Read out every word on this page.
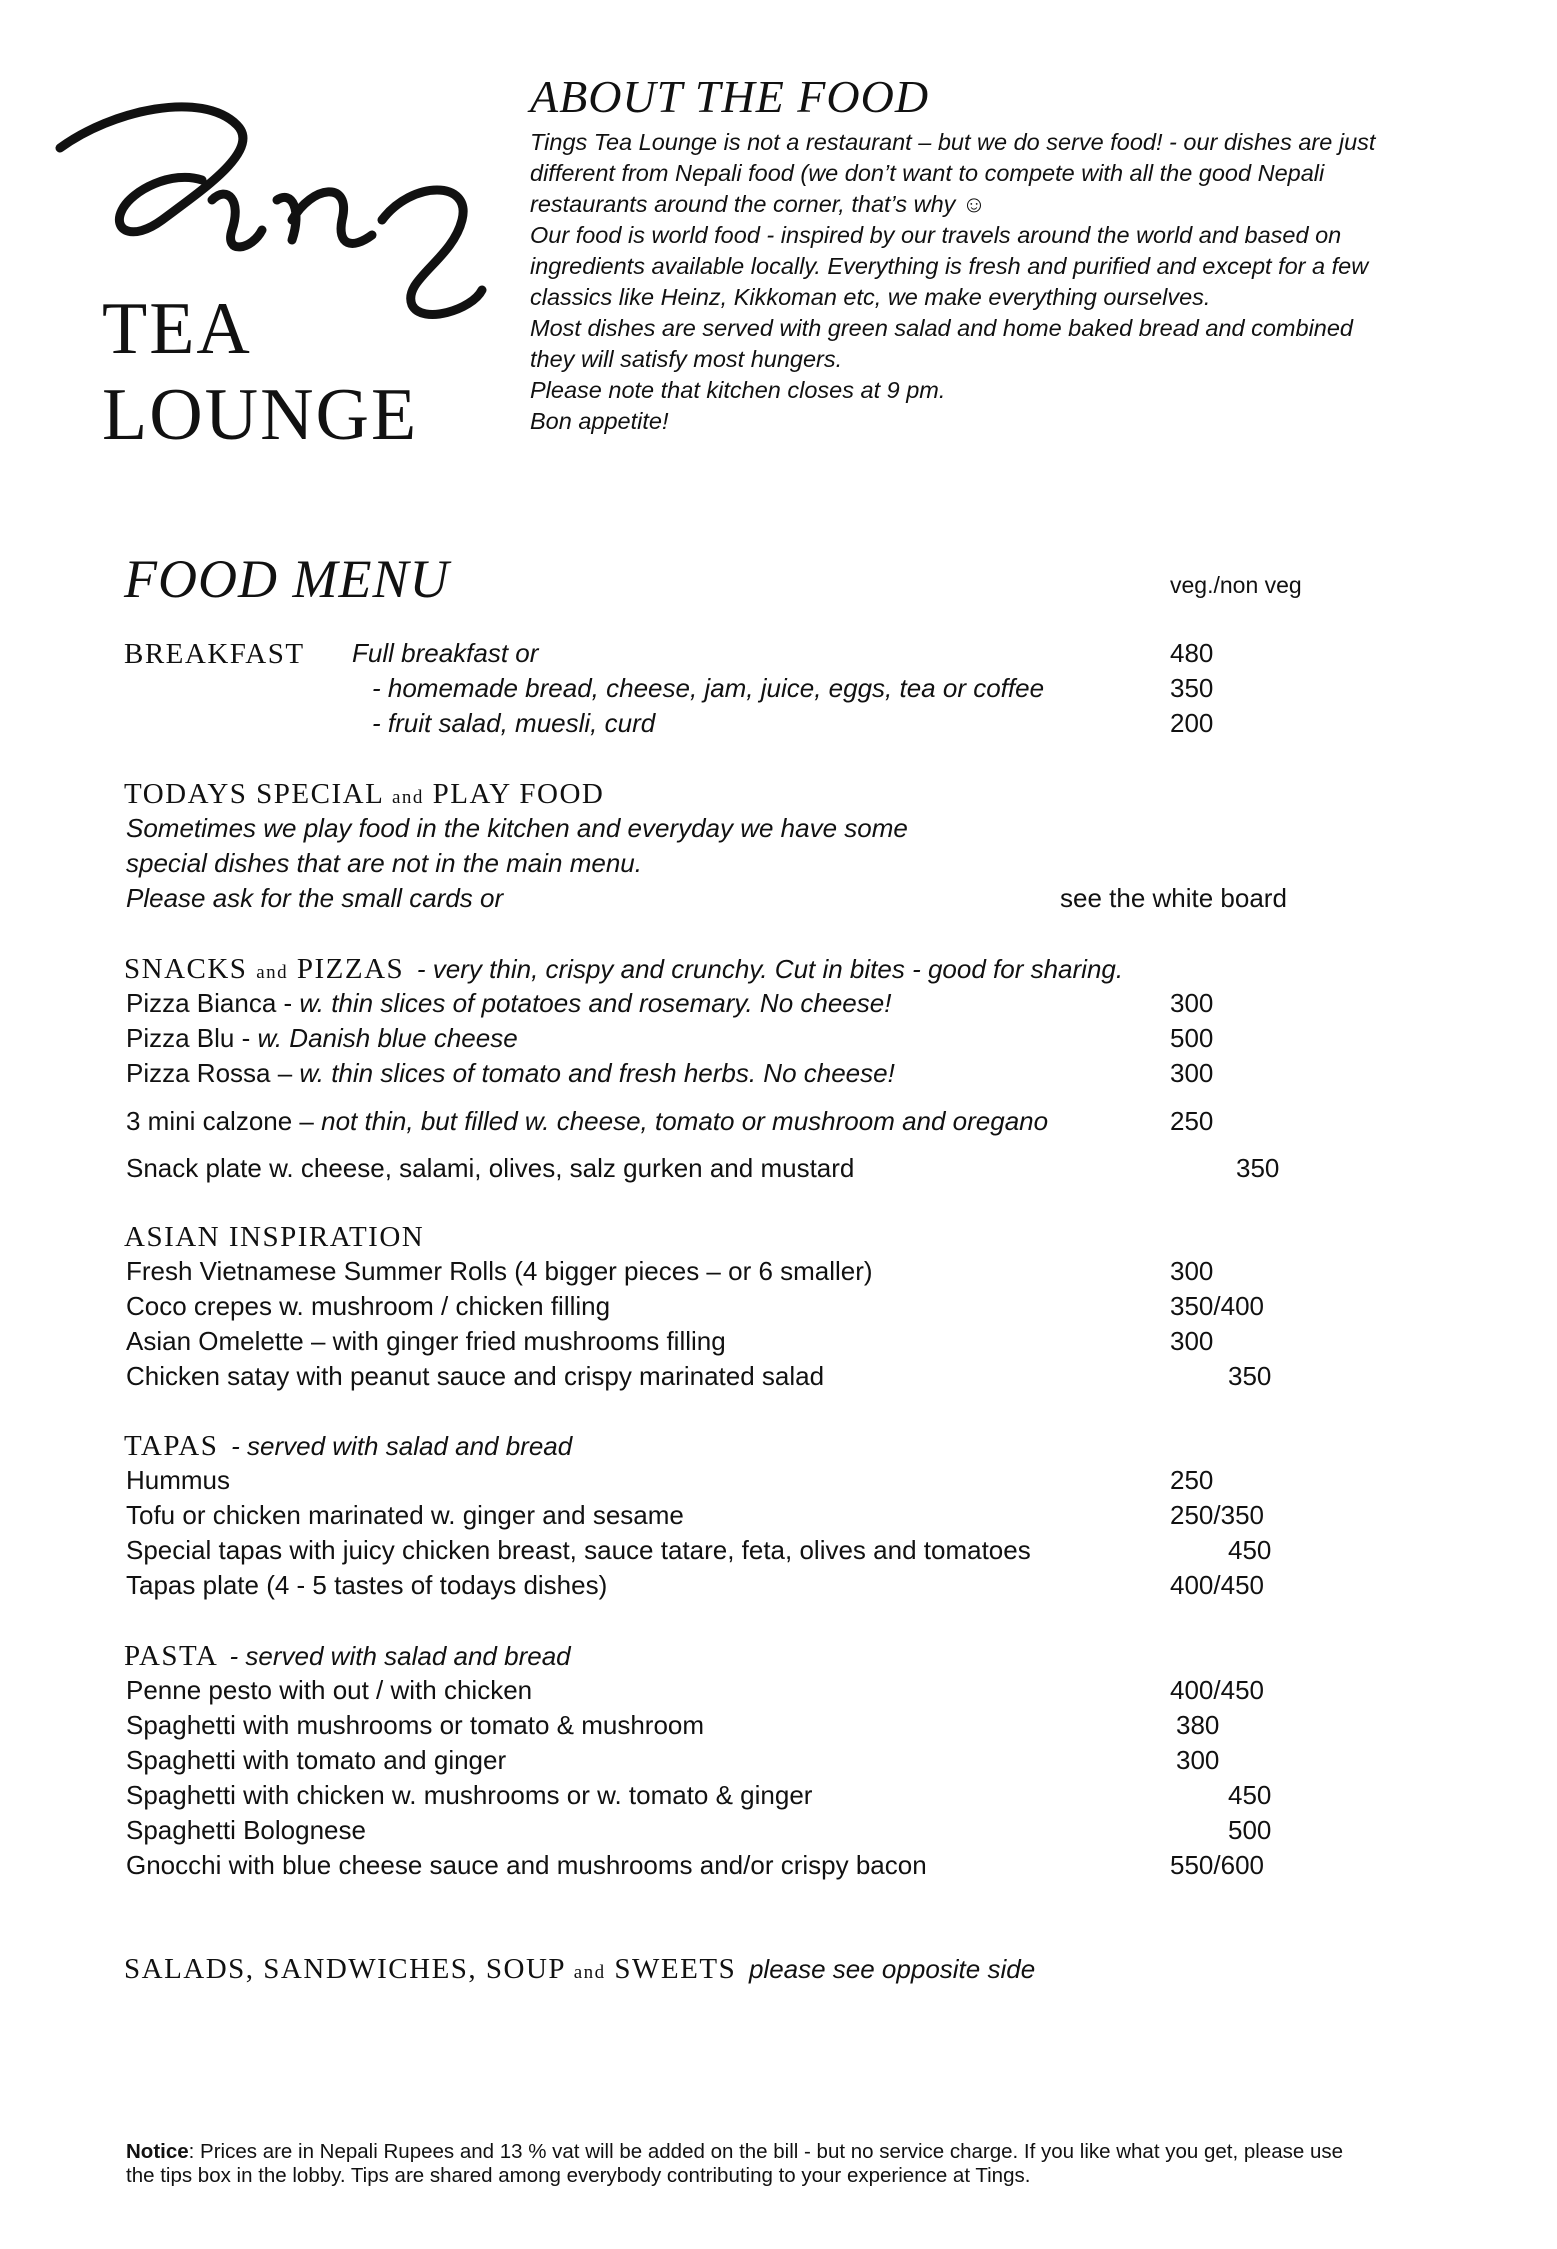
TEA
LOUNGE
ABOUT THE FOOD

Tings Tea Lounge is not a restaurant – but we do serve food! - our dishes are just

different from Nepali food (we don’t want to compete with all the good Nepali

restaurants around the corner, that’s why ☺

Our food is world food - inspired by our travels around the world and based on

ingredients available locally. Everything is fresh and purified and except for a few

classics like Heinz, Kikkoman etc, we make everything ourselves.

Most dishes are served with green salad and home baked bread and combined

they will satisfy most hungers.

Please note that kitchen closes at 9 pm.

Bon appetite!

FOOD MENU	veg./non veg
BREAKFAST Full breakfast or	480
- homemade bread, cheese, jam, juice, eggs, tea or coffee	350
- fruit salad, muesli, curd	200
TODAYS SPECIAL and PLAY FOOD
Sometimes we play food in the kitchen and everyday we have some
special dishes that are not in the main menu.
Please ask for the small cards or	see the white board
SNACKS and PIZZAS - very thin, crispy and crunchy. Cut in bites - good for sharing.
Pizza Bianca - w. thin slices of potatoes and rosemary. No cheese!	300
Pizza Blu - w. Danish blue cheese	500
Pizza Rossa – w. thin slices of tomato and fresh herbs. No cheese!	300
3 mini calzone – not thin, but filled w. cheese, tomato or mushroom and oregano	250
Snack plate w. cheese, salami, olives, salz gurken and mustard	350
ASIAN INSPIRATION
Fresh Vietnamese Summer Rolls (4 bigger pieces – or 6 smaller)	300
Coco crepes w. mushroom / chicken filling	350/400
Asian Omelette – with ginger fried mushrooms filling	300
Chicken satay with peanut sauce and crispy marinated salad	350
TAPAS - served with salad and bread
Hummus	250
Tofu or chicken marinated w. ginger and sesame	250/350
Special tapas with juicy chicken breast, sauce tatare, feta, olives and tomatoes	450
Tapas plate (4 - 5 tastes of todays dishes)	400/450
PASTA - served with salad and bread
Penne pesto with out / with chicken	400/450
Spaghetti with mushrooms or tomato & mushroom	380
Spaghetti with tomato and ginger	300
Spaghetti with chicken w. mushrooms or w. tomato & ginger	450
Spaghetti Bolognese	500
Gnocchi with blue cheese sauce and mushrooms and/or crispy bacon	550/600
SALADS, SANDWICHES, SOUP and SWEETS please see opposite side
Notice: Prices are in Nepali Rupees and 13 % vat will be added on the bill - but no service charge. If you like what you get, please use the tips box in the lobby. Tips are shared among everybody contributing to your experience at Tings.
